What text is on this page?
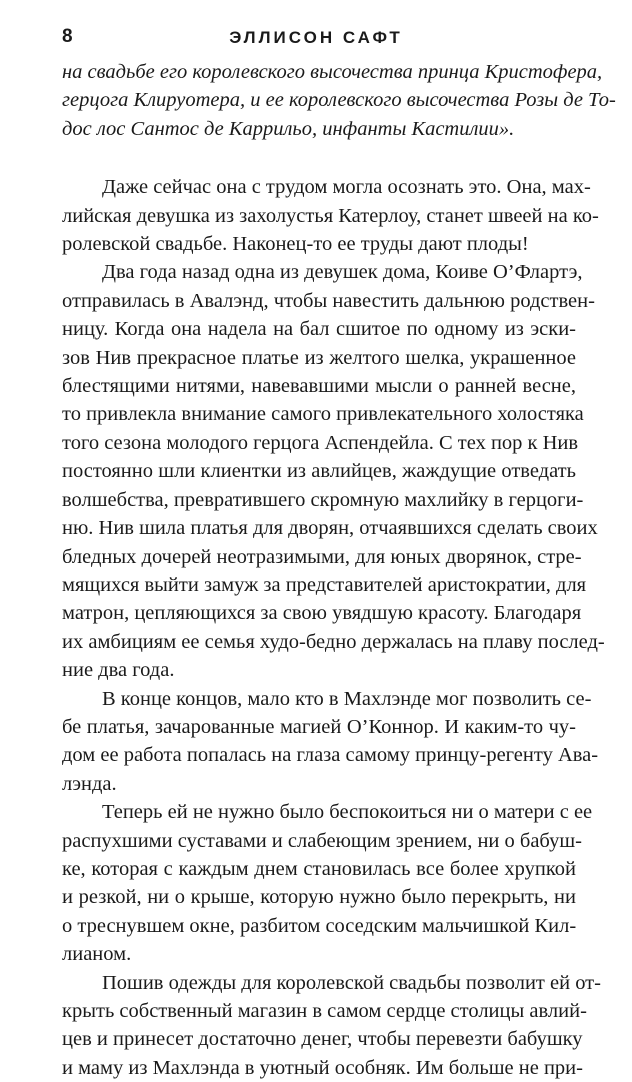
8	ЭЛЛИСОН САФТ
на свадьбе его королевского высочества принца Кристофера,
герцога Клируотера, и ее королевского высочества Розы де То-
дос лос Сантос де Каррильо, инфанты Кастилии».
Даже сейчас она с трудом могла осознать это. Она, мах-
лийская девушка из захолустья Катерлоу, станет швеей на ко-
ролевской свадьбе. Наконец-то ее труды дают плоды!
Два года назад одна из девушек дома, Коиве О’Флартэ,
отправилась в Авалэнд, чтобы навестить дальнюю родствен-
ницу. Когда она надела на бал сшитое по одному из эски-
зов Нив прекрасное платье из желтого шелка, украшенное
блестящими нитями, навевавшими мысли о ранней весне,
то привлекла внимание самого привлекательного холостяка
того сезона молодого герцога Аспендейла. С тех пор к Нив
постоянно шли клиентки из авлийцев, жаждущие отведать
волшебства, превратившего скромную махлийку в герцоги-
ню. Нив шила платья для дворян, отчаявшихся сделать своих
бледных дочерей неотразимыми, для юных дворянок, стре-
мящихся выйти замуж за представителей аристократии, для
матрон, цепляющихся за свою увядшую красоту. Благодаря
их амбициям ее семья худо-бедно держалась на плаву послед-
ние два года.
В конце концов, мало кто в Махлэнде мог позволить се-
бе платья, зачарованные магией О’Коннор. И каким-то чу-
дом ее работа попалась на глаза самому принцу-регенту Ава-
лэнда.
Теперь ей не нужно было беспокоиться ни о матери с ее
распухшими суставами и слабеющим зрением, ни о бабуш-
ке, которая с каждым днем становилась все более хрупкой
и резкой, ни о крыше, которую нужно было перекрыть, ни
о треснувшем окне, разбитом соседским мальчишкой Кил-
лианом.
Пошив одежды для королевской свадьбы позволит ей от-
крыть собственный магазин в самом сердце столицы авлий-
цев и принесет достаточно денег, чтобы перевезти бабушку
и маму из Махлэнда в уютный особняк. Им больше не при-
